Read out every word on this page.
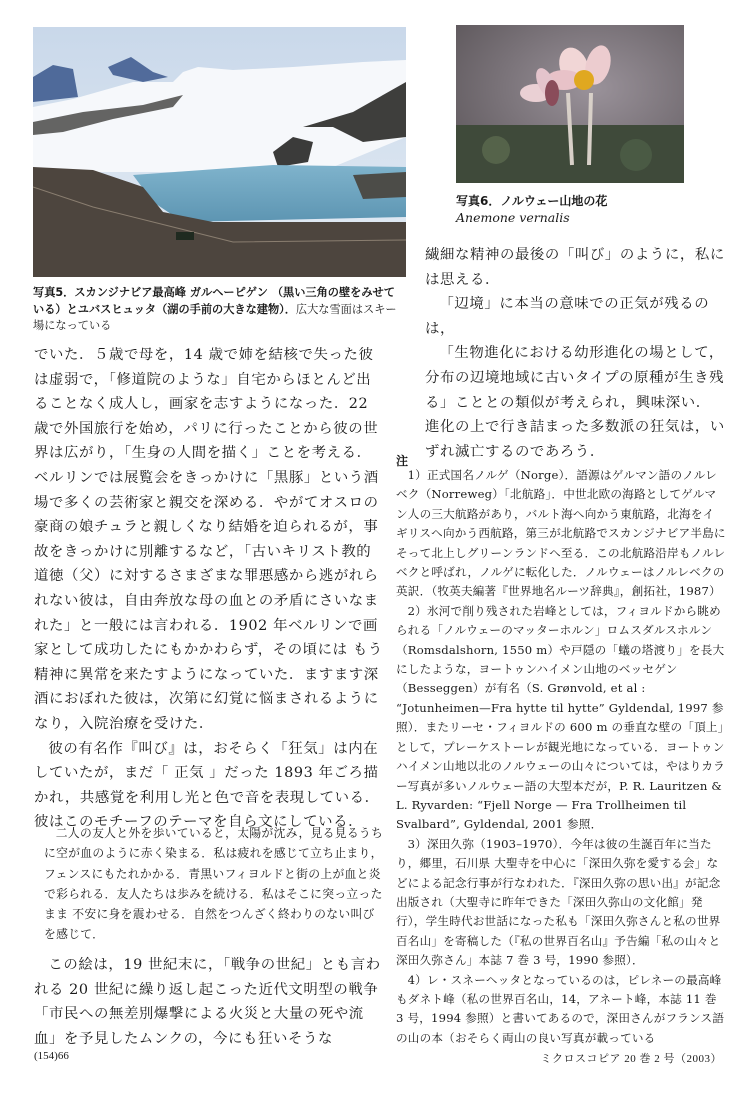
写真5．スカンジナビア最高峰 ガルヘーピゲン （黒い三角の壁をみせている）とユバスヒュッタ（湖の手前の大きな建物）．広大な雪面はスキー場になっている
写真6．ノルウェー山地の花
Anemone vernalis

でいた．５歳で母を，14 歳で姉を結核で失った彼は虚弱で，「修道院のような」自宅からほとんど出ることなく成人し，画家を志すようになった．22 歳で外国旅行を始め，パリに行ったことから彼の世界は広がり，「生身の人間を描く」ことを考える．ベルリンでは展覧会をきっかけに「黒豚」という酒場で多くの芸術家と親交を深める．やがてオスロの豪商の娘チュラと親しくなり結婚を迫られるが，事故をきっかけに別離するなど，「古いキリスト教的道徳（父）に対するさまざまな罪悪感から逃がれられない彼は，自由奔放な母の血との矛盾にさいなまれた」と一般には言われる．1902 年ベルリンで画家として成功したにもかかわらず，その頃には もう精神に異常を来たすようになっていた．ますます深酒におぼれた彼は，次第に幻覚に悩まされるようになり，入院治療を受けた．

彼の有名作『叫び』は，おそらく「狂気」は内在していたが，まだ「 正気 」だった 1893 年ごろ描かれ，共感覚を利用し光と色で音を表現している．彼はこのモチーフのテーマを自ら文にしている．

二人の友人と外を歩いていると，太陽が沈み，見る見るうちに空が血のように赤く染まる．私は疲れを感じて立ち止まり，フェンスにもたれかかる．青黒いフィヨルドと街の上が血と炎で彩られる．友人たちは歩みを続ける．私はそこに突っ立ったまま 不安に身を震わせる．自然をつんざく終わりのない叫びを感じて．

この絵は，19 世紀末に，「戦争の世紀」とも言われる 20 世紀に繰り返し起こった近代文明型の戦争「市民への無差別爆撃による火災と大量の死や流血」を予見したムンクの，今にも狂いそうな

繊細な精神の最後の「叫び」のように，私には思える．

「辺境」に本当の意味での正気が残るのは，

「生物進化における幼形進化の場として，分布の辺境地域に古いタイプの原種が生き残る」こととの類似が考えられ，興味深い．進化の上で行き詰まった多数派の狂気は，いずれ滅亡するのであろう．

注

1）正式国名ノルゲ（Norge）．語源はゲルマン語のノルレベク（Norreweg）「北航路」．中世北欧の海路としてゲルマン人の三大航路があり，バルト海へ向かう東航路，北海をイギリスへ向かう西航路，第三が北航路でスカンジナビア半島にそって北上しグリーンランドへ至る．この北航路沿岸もノルレベクと呼ばれ，ノルゲに転化した．ノルウェーはノルレベクの英訳．（牧英夫編著『世界地名ルーツ辞典』，創拓社，1987）

2）氷河で削り残された岩峰としては，フィヨルドから眺められる「ノルウェーのマッターホルン」ロムスダルスホルン（Romsdalshorn, 1550 m）や戸隠の「蟻の塔渡り」を長大にしたような，ヨートゥンハイメン山地のベッセゲン（Besseggen）が有名（S. Grønvold, et al : “Jotunheimen—Fra hytte til hytte” Gyldendal, 1997 参照）．またリーセ・フィヨルドの 600 m の垂直な壁の「頂上」として，プレーケストーレが観光地になっている．ヨートゥンハイメン山地以北のノルウェーの山々については，やはりカラー写真が多いノルウェー語の大型本だが，P. R. Lauritzen & L. Ryvarden: “Fjell Norge — Fra Trollheimen til Svalbard”, Gyldendal, 2001 参照．

3）深田久弥（1903–1970）．今年は彼の生誕百年に当たり，郷里，石川県 大聖寺を中心に「深田久弥を愛する会」などによる記念行事が行なわれた．『深田久弥の思い出』が記念出版され（大聖寺に昨年できた「深田久弥山の文化館」発行），学生時代お世話になった私も「深田久弥さんと私の世界百名山」を寄稿した（『私の世界百名山』予告編「私の山々と深田久弥さん」本誌 7 巻 3 号，1990 参照）．

4）レ・スネーヘッタとなっているのは，ピレネーの最高峰もダネト峰（私の世界百名山，14，アネート峰，本誌 11 巻 3 号，1994 参照）と書いてあるので，深田さんがフランス語の山の本（おそらく両山の良い写真が載っている

(154)66	ミクロスコピア 20 巻 2 号（2003）
